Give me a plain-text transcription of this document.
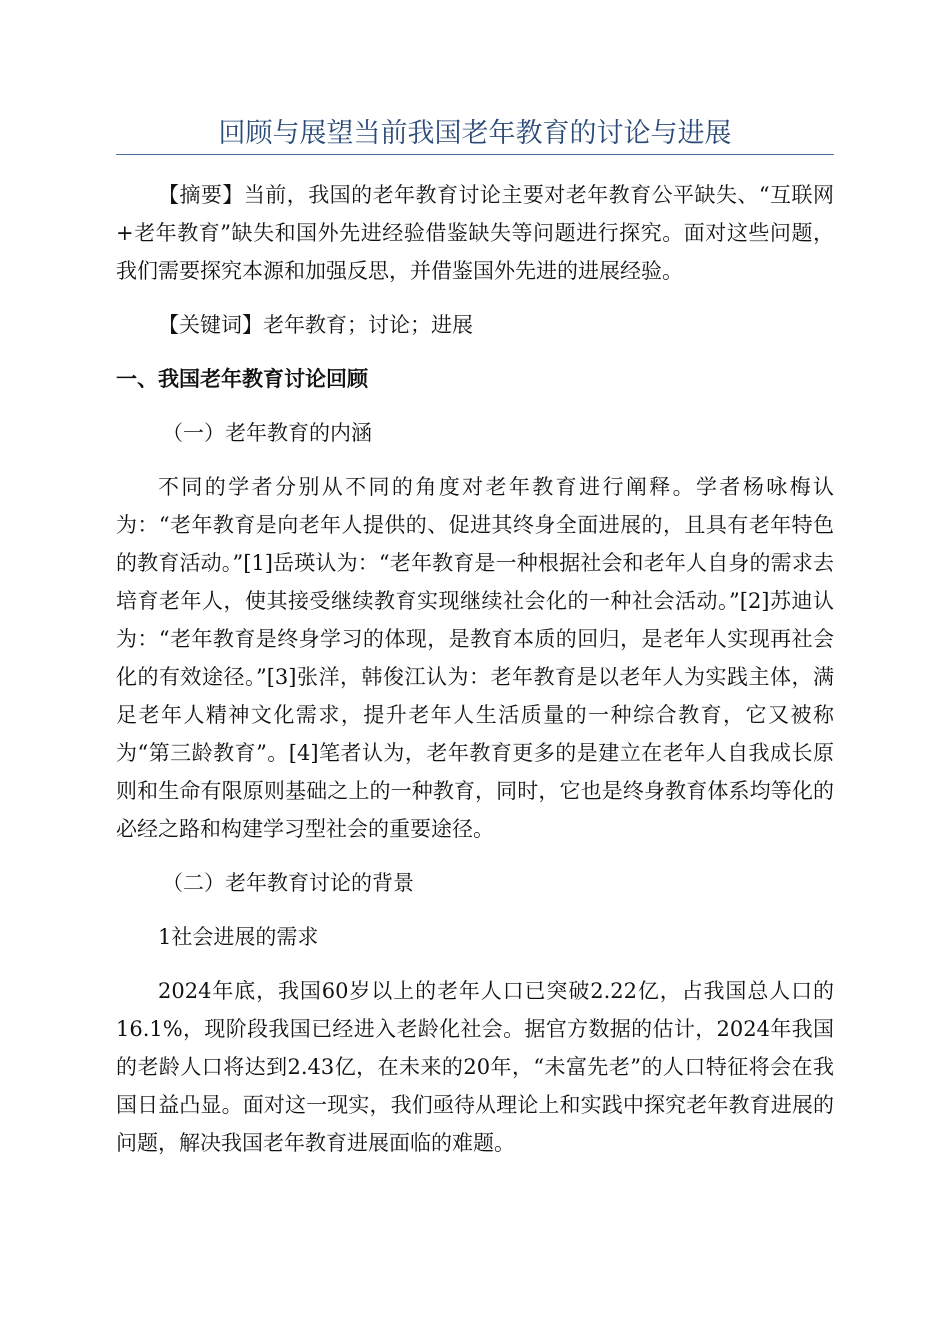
回顾与展望当前我国老年教育的讨论与进展

【摘要】当前，我国的老年教育讨论主要对老年教育公平缺失、“互联网+老年教育”缺失和国外先进经验借鉴缺失等问题进行探究。面对这些问题，我们需要探究本源和加强反思，并借鉴国外先进的进展经验。

【关键词】老年教育；讨论；进展

一、我国老年教育讨论回顾

（一）老年教育的内涵

不同的学者分别从不同的角度对老年教育进行阐释。学者杨咏梅认为：“老年教育是向老年人提供的、促进其终身全面进展的，且具有老年特色的教育活动。”[1]岳瑛认为：“老年教育是一种根据社会和老年人自身的需求去培育老年人，使其接受继续教育实现继续社会化的一种社会活动。”[2]苏迪认为：“老年教育是终身学习的体现，是教育本质的回归，是老年人实现再社会化的有效途径。”[3]张洋，韩俊江认为：老年教育是以老年人为实践主体，满足老年人精神文化需求，提升老年人生活质量的一种综合教育，它又被称为“第三龄教育”。[4]笔者认为，老年教育更多的是建立在老年人自我成长原则和生命有限原则基础之上的一种教育，同时，它也是终身教育体系均等化的必经之路和构建学习型社会的重要途径。

（二）老年教育讨论的背景

1社会进展的需求

2024年底，我国60岁以上的老年人口已突破2.22亿，占我国总人口的16.1%，现阶段我国已经进入老龄化社会。据官方数据的估计，2024年我国的老龄人口将达到2.43亿，在未来的20年，“未富先老”的人口特征将会在我国日益凸显。面对这一现实，我们亟待从理论上和实践中探究老年教育进展的问题，解决我国老年教育进展面临的难题。
